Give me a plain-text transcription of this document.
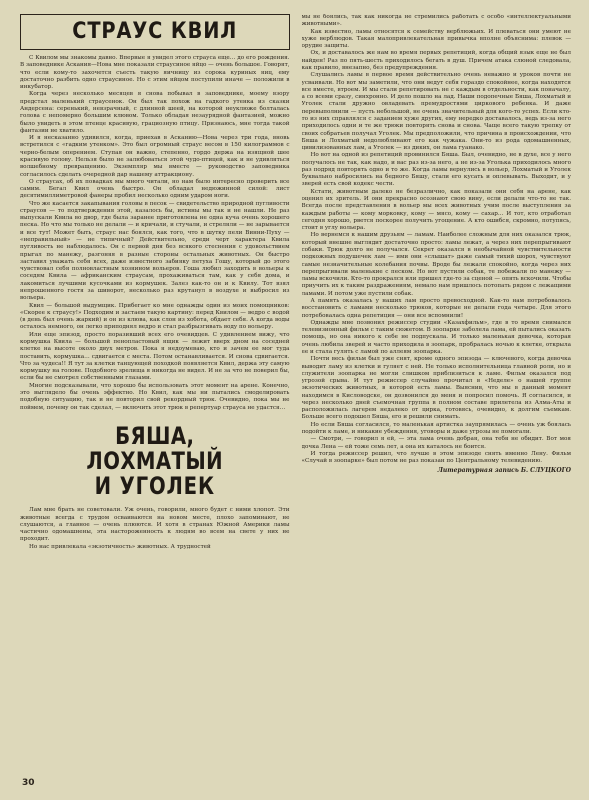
СТРАУС КВИЛ

С Квилом мы знакомы давно. Впервые я увидел этого страуса еще… до его рождения. В заповеднике Аскания—Нова мне показали страусиное яйцо — очень большое. Говорят, что если кому-то захочется съесть такую яичницу из сорока куриных яиц, ему достаточно разбить одно страусиное. Но с этим яйцом поступили иначе — положили в инкубатор.

Когда через несколько месяцев я снова побывал в заповеднике, моему взору предстал маленький страусенок. Он был так похож на гадкого утенка из сказки Андерсена: серенький, невзрачный, с длинной шеей, на которой неуклюже болталась голова с непомерно большим клювом. Только обладая незаурядной фантазией, можно было увидеть в этом птенце красивую, грациозную птицу. Признаюсь, мне тогда такой фантазии не хватило.

И я несказанно удивился, когда, приехав в Асканию—Нова через три года, вновь встретился с «гадким утенком». Это был огромный страус весом в 150 килограммов с черно-белым оперением. Ступая он важно, степенно, гордо держа на изящной шее красивую голову. Нельзя было не залюбоваться этой чудо-птицей, как и не удивляться волшебному превращению. Экземпляр мы вместе — руководство заповедника согласилось сделать очередной дар нашему аттракциону.

О страусах, об их повадках мы много читали, но нам было интересно проверить все самим. Бегал Квил очень быстро. Он обладал недюжинной силой: лист десятимиллиметровой фанеры пробил несколько одним ударом ноги.

Что же касается закапывания головы в песок — свидетельство природной пугливости страусов — то подтверждения этой, казалось бы, истины мы так и не нашли. Не раз выпускали Квила во двор, где была заранее приготовлена не одна куча очень хорошего песка. Но что мы только не делали — и кричали, и стучали, и стреляли — не зарывается и все тут! Может быть, страус нас боялся, как того, что в шутку пели Винни-Пуху — «неправильный» — не типичный? Действительно, среди черт характера Квила пугливость не наблюдалось. Он с первой дня без всякого стеснения с удовольствием прыгал по манежу, разгоняя в разные стороны остальных животных. Он быстро заставил уважать себя всех, даже известного забияку петуха Гошу, который до этого чувствовал себя полновластным хозяином вольеров. Гоша любил заходить в вольеры к соседям Квила — африканским страусам, прохаживаться там, как у себя дома, и лакомиться лучшими кусочками из кормушек. Залез как-то он и к Квилу. Тот взял непрошенного гостя за шиворот, несколько раз крутанул в воздухе и выбросил из вольера.

Квил — большой выдумщик. Прибегает ко мне однажды один из моих помощников: «Скорее к страусу!» Подходим и застаем такую картину: перед Квилом — ведро с водой (в день был очень жаркий) и он из клюва, как слон из хобота, обдает себя. А когда воды осталось немного, он легко приподнял ведро и стал разбрызгивать воду по вольеру.

Или еще эпизод, просто поразивший всех его очевидцев. С удивлением вижу, что кормушка Квила — большой пенопластовый ящик — лежит вверх дном на соседней клетке на высоте около двух метров. Пока я недоумеваю, кто и зачем ее мог туда поставить, кормушка… сдвигается с места. Потом останавливается. И снова сдвигается. Что за чудеса!! Я тут за клетки танцующей походкой появляется Квил, держа эту самую кормушку на голове. Подобного зрелища я никогда не видел. И не за что не поверил бы, если бы не смотрел собственными глазами.

Многие подсказывали, что хорошо бы использовать этот момент на арене. Конечно, это выглядело бы очень эффектно. Но Квил, как мы ни пытались смоделировать подобную ситуацию, так и не повторил свой рекордный трюк. Очевидно, пока мы не поймем, почему он так сделал, — включить этот трюк в репертуар страуса не удастся…

БЯША, ЛОХМАТЫЙ
И УГОЛЕК

Лам мне брать не советовали. Уж очень, говорили, много будет с ними хлопот. Эти животные всегда с трудом осваиваются на новом месте, плохо запоминают, не слушаются, а главное — очень плюются. И хотя в странах Южной Америки ламы частично одомашнены, эта настороженность к людям во всем на свете у них не проходит.

Но нас привлекала «экзотичность» животных. А трудностей

мы не боялись, так как никогда не стремились работать с особо «интеллектуальными животными».

Как известно, ламы относятся к семейству верблюжьих. И плеваться они умеют не хуже верблюдов. Такая малопривлекательная привычка вполне объяснима: плевок — орудие защиты.

Ох, и доставалось же нам во время первых репетиций, когда общий язык еще не был найден! Раз по пять-шесть приходилось бегать в душ. Причем атака слюной следовала, как правило, внезапно, без предупреждения.

Слушались ламы в первое время действительно очень неважно и уроков почти не усваивали. Но вот мы заметили, что они ведут себя гораздо спокойнее, когда находятся все вместе, втроем. И мы стали репетировать не с каждым в отдельности, как поначалу, а со всеми сразу, синхронно. И дело пошло на лад. Наши подопечные Бяша, Лохматый и Уголек стали дружно овладевать премудростями циркового ребенка. И даже перевыполнили — пусть небольшой, не очень значительный для кого-то успех. Если кто-то из них справлялся с заданием хуже других, ему нередко доставалось, ведь из-за него приходилось одни и те же трюки повторять снова и снова. Чаще всего такую трепку от своих собратьев получал Уголек. Мы предположили, что причина в происхождении, что Бяша и Лохматый недолюбливают его как чужака. Они-то из рода одомашненных, цивилизованных лам, а Уголек — из диких, он лама гуанако.

Но вот на одной из репетиций провинился Бяша. Был, очевидно, не в духе, все у него получалось не так, как надо, и вас раз из-за него, а не из-за Уголька приходилось много раз подряд повторять одно и то же. Когда ламы вернулись в вольер, Лохматый и Уголек буквально набросились на бедного Бяшу, стали его кусать и оплевывать. Выходит, и у зверей есть свой кодекс чести.

Кстати, животным далеко не безразлично, как показали они себя на арене, как оценил их зритель. И они прекрасно осознают свою вину, если делали что-то не так. Всегда после представления в вольер мы всех животных учим после выступления за каждым работы — кому морковку, кому — мясо, кому — сахар… И тот, кто отработал сегодня хорошо, рвется поскорее получить угощение. А кто ошибся, скромно, потупясь, стоит в углу вольера.

Но вернемся к нашим друзьям — ламам. Наиболее сложным для них оказался трюк, который внешне выглядит достаточно просто: ламы лежат, а через них перепрыгивают собаки. Трюк долго не получался. Секрет оказался в необычайной чувствительности подкожных подушечек лам — ими они «слышат» даже самый тихий шорох, чувствуют самые незначительные колебания почвы. Вроде бы лежали спокойно, когда через них перепрыгивали маленькие с песком. Но вот пустили собак, те побежали по манежу — ламы вскочили. Кто-то прокрался или пришел где-то за сценой — опять вскочили. Чтобы приучить их к таким раздражениям, немало нам пришлось потопать рядом с лежащими ламами. И потом уже пустили собак.

А память оказалась у наших лам просто превосходной. Как-то нам потребовалось восстановить с ламами несколько трюков, которые не делали года четыре. Для этого потребовалась одна репетиция — они все вспомнили!

Однажды мне позвонил режиссер студии «Казахфильм», где в то время снимался телевизионный фильм с таким сюжетом. В зоопарке заболела лама, ей пытались оказать помощь, но она никого к себе не подпускала. И только маленькая девочка, которая очень любила зверей и часто приходила в зоопарк, пробралась ночью к клетке, открыла ее и стала гулять с ламой по аллеям зоопарка.

Почти весь фильм был уже снят, кроме одного эпизода — ключевого, когда девочка выводит ламу из клетки и гуляет с ней. Не только исполнительница главной роли, но и служители зоопарка не могли слишком приблизиться к ламе. Фильм оказался под угрозой срыва. И тут режиссер случайно прочитал в «Неделе» о нашей группе экзотических животных, в которой есть ламы. Выяснив, что мы в данный момент находимся в Кисловодске, он дозвонился до меня и попросил помочь. Я согласился, и через несколько дней съемочная группа в полном составе прилетела из Алма-Аты и расположилась лагерем недалеко от цирка, готовясь, очевидно, к долгим съемкам. Больше всего подошел Бяша, его и решили снимать.

Но если Бяша согласился, то маленькая артистка заупрямилась — очень уж боялась подойти к ламе, и никакие убеждения, уговоры и даже угрозы не помогали.

— Смотри, — говорил я ей, — эта лама очень добрая, она тебя не обидит. Вот моя дочка Лена — ей тоже семь лет, а она их каталось не боится.

И тогда режиссер решил, что лучше в этом эпизоде снять именно Лену. Фильм «Случай в зоопарке» был потом не раз показан по Центральному телевидению.

Литературная запись Б. СЛУЦКОГО
30
